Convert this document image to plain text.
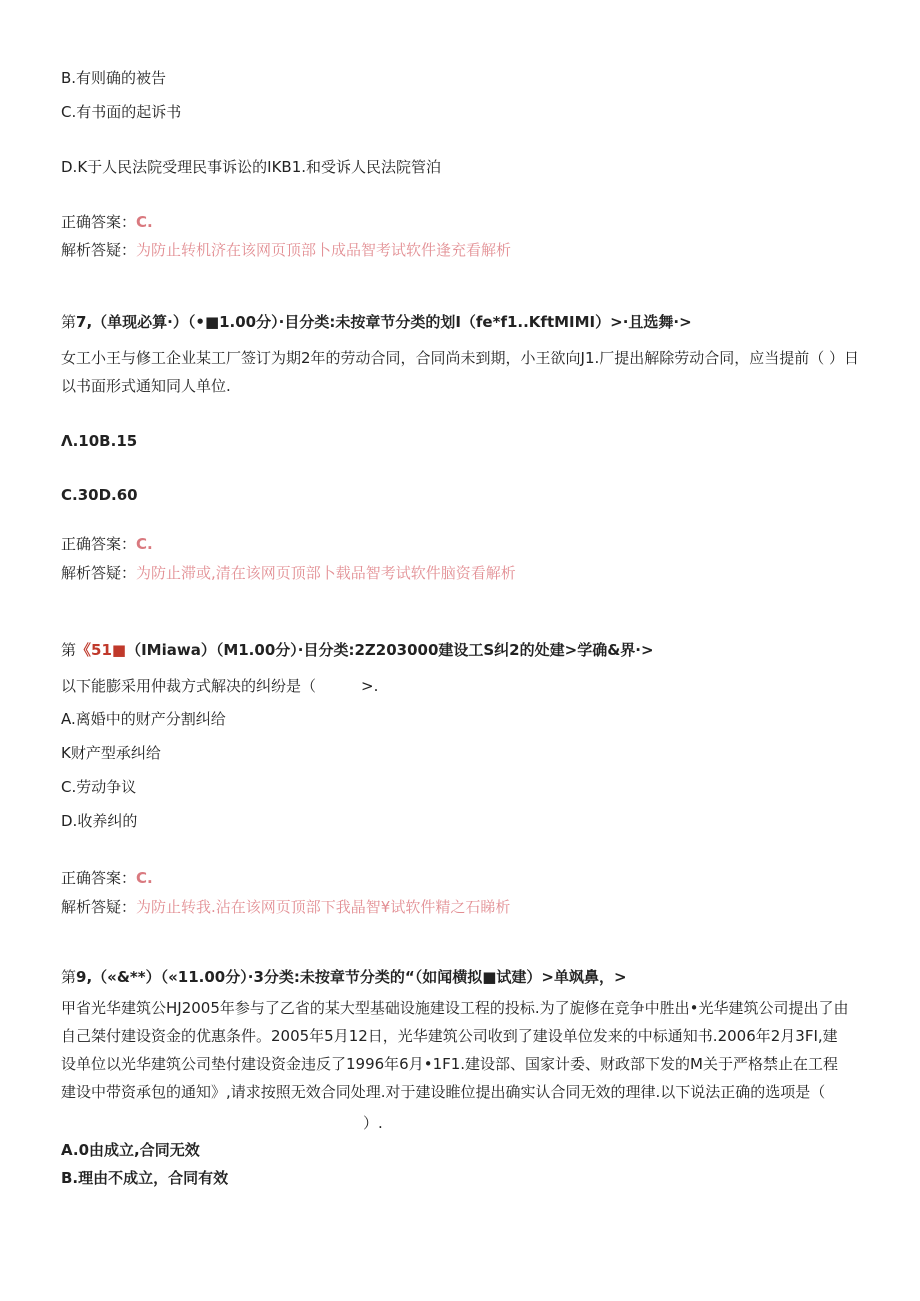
B.有则确的被告
C.有书面的起诉书
D.K于人民法院受理民事诉讼的IKB1.和受诉人民法院管泊
正确答案：C.
解析答疑：为防止转机济在该网页顶部卜成品智考试软件逢充看解析
第7,（单现必算·）（•■1.00分）·目分类:未按章节分类的划I（fe*f1..KftMIMI）>·且选舞·>
女工小王与修工企业某工厂签订为期2年的劳动合同，合同尚未到期，小王欲向J1.厂提出解除劳动合同，应当提前（ ）日以书面形式通知同人单位.
Λ.10B.15
C.30D.60
正确答案：C.
解析答疑：为防止滞或,清在该网页顶部卜载品智考试软件脑资看解析
第《51■（IMiawa）（M1.00分）·目分类:2Z203000建设工S纠2的处建>学确&界·>
以下能膨采用仲裁方式解决的纠纷是（　　　>.
A.离婚中的财产分割纠给
K财产型承纠给
C.劳动争议
D.收养纠的
正确答案：C.
解析答疑：为防止转我.沾在该网页顶部下我晶智¥试软件精之石睇析
第9,（«&**）（«11.00分）·3分类:未按章节分类的“（如闻横拟■试建）>单飒鼻，>
甲省光华建筑公HJ2005年参与了乙省的某大型基础设施建设工程的投标.为了旎修在竞争中胜出•光华建筑公司提出了由自己桀付建设资金的优惠条件。2005年5月12日，光华建筑公司收到了建设单位发来的中标通知书.2006年2月3FI,建设单位以光华建筑公司垫付建设资金违反了1996年6月•1F1.建设部、国家计委、财政部下发的M关于严格禁止在工程建设中带资承包的通知》,请求按照无效合同处理.对于建设睢位提出确实认合同无效的理律.以下说法正确的选项是（
）.
A.0由成立,合同无效
B.理由不成立，合同有效
